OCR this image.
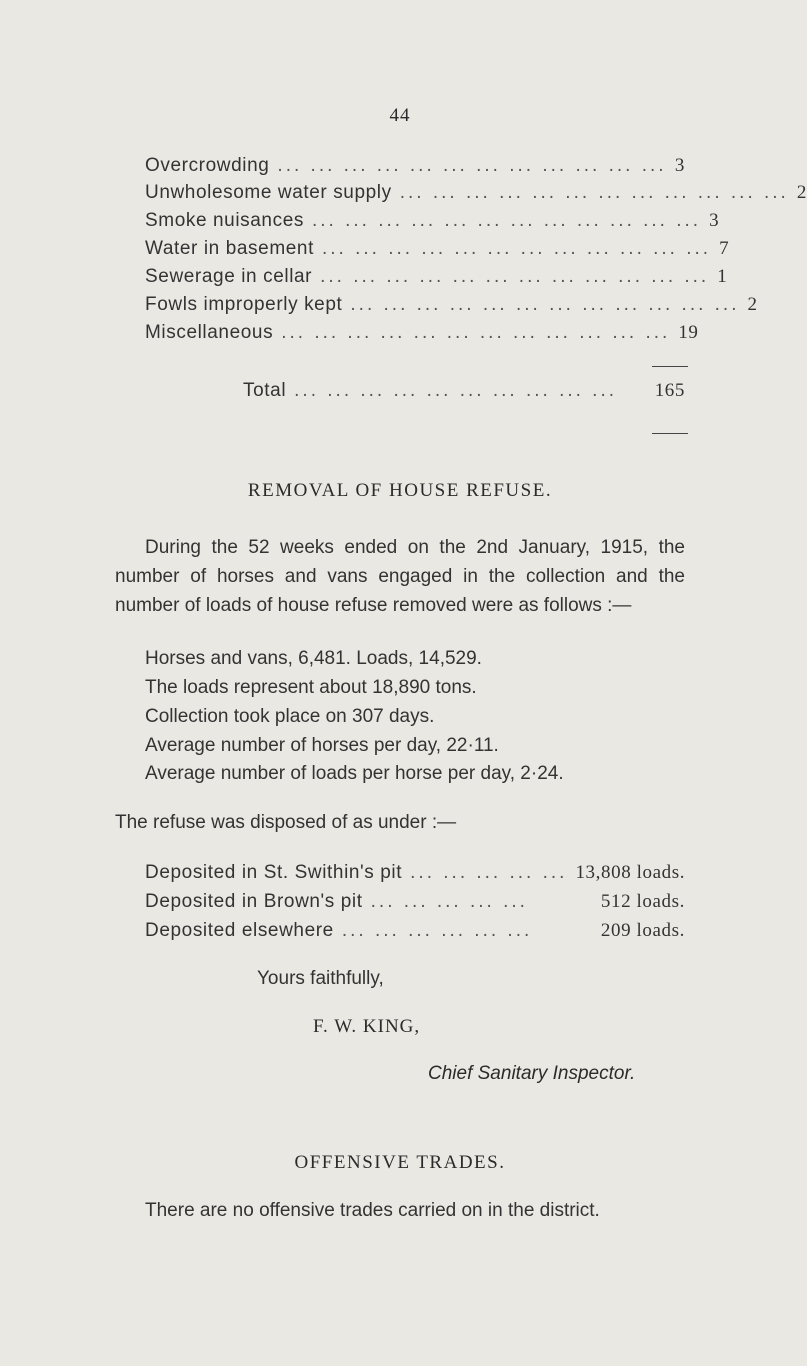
44
Overcrowding ... ... ... ... ... ... ... ... ... ... ... ... 3
Unwholesome water supply ... ... ... ... ... ... ... ... ... ... ... ... 2
Smoke nuisances ... ... ... ... ... ... ... ... ... ... ... ... 3
Water in basement ... ... ... ... ... ... ... ... ... ... ... ... 7
Sewerage in cellar ... ... ... ... ... ... ... ... ... ... ... ... 1
Fowls improperly kept ... ... ... ... ... ... ... ... ... ... ... ... 2
Miscellaneous ... ... ... ... ... ... ... ... ... ... ... ... 19
Total ... ... ... ... ... ... ... ... ... ...	165
REMOVAL OF HOUSE REFUSE.
During the 52 weeks ended on the 2nd January, 1915, the number of horses and vans engaged in the collection and the number of loads of house refuse removed were as follows :—
Horses and vans, 6,481. Loads, 14,529.
The loads represent about 18,890 tons.
Collection took place on 307 days.
Average number of horses per day, 22·11.
Average number of loads per horse per day, 2·24.
The refuse was disposed of as under :—
Deposited in St. Swithin's pit ... ... ... ... ... 13,808 loads.
Deposited in Brown's pit ... ... ... ... ...	512 loads.
Deposited elsewhere ... ... ... ... ... ...	209 loads.
Yours faithfully,
F. W. KING,
Chief Sanitary Inspector.
OFFENSIVE TRADES.
There are no offensive trades carried on in the district.
